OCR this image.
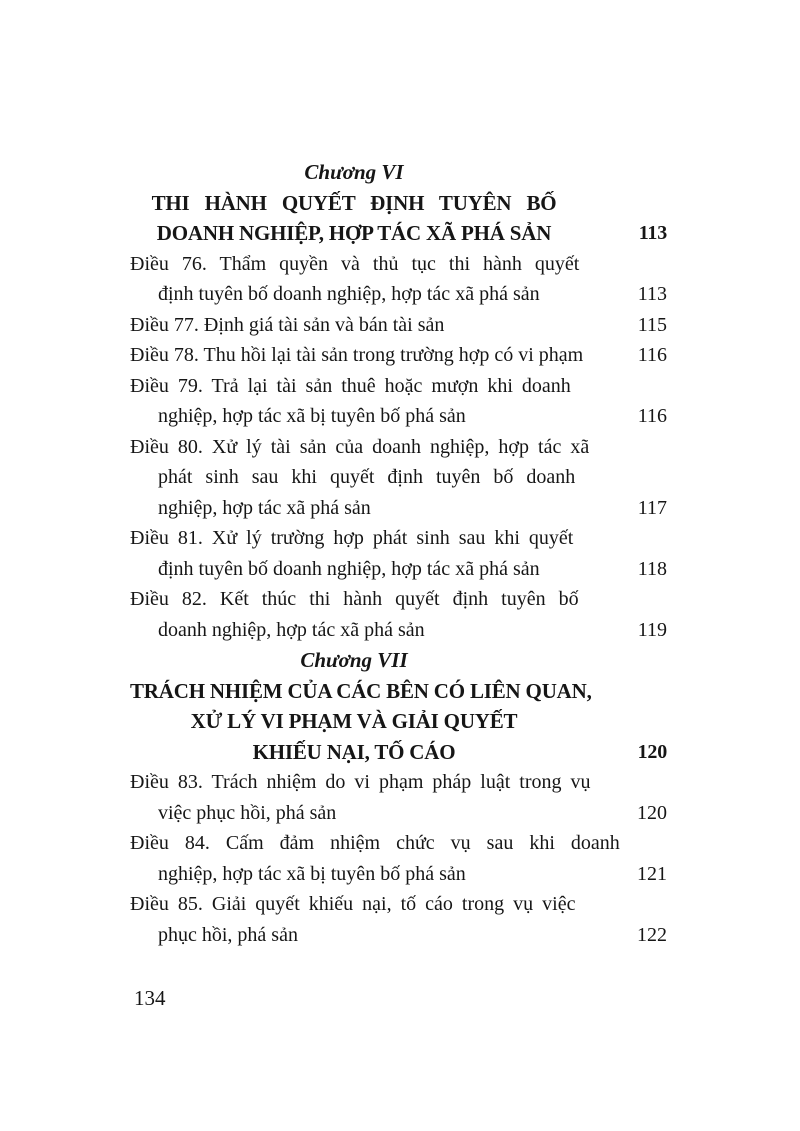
Chương VI
THI HÀNH QUYẾT ĐỊNH TUYÊN BỐ
DOANH NGHIỆP, HỢP TÁC XÃ PHÁ SẢN	113
Điều 76. Thẩm quyền và thủ tục thi hành quyết
định tuyên bố doanh nghiệp, hợp tác xã phá sản	113
Điều 77. Định giá tài sản và bán tài sản	115
Điều 78. Thu hồi lại tài sản trong trường hợp có vi phạm	116
Điều 79. Trả lại tài sản thuê hoặc mượn khi doanh
nghiệp, hợp tác xã bị tuyên bố phá sản	116
Điều 80. Xử lý tài sản của doanh nghiệp, hợp tác xã
phát sinh sau khi quyết định tuyên bố doanh
nghiệp, hợp tác xã phá sản	117
Điều 81. Xử lý trường hợp phát sinh sau khi quyết
định tuyên bố doanh nghiệp, hợp tác xã phá sản	118
Điều 82. Kết thúc thi hành quyết định tuyên bố
doanh nghiệp, hợp tác xã phá sản	119
Chương VII
TRÁCH NHIỆM CỦA CÁC BÊN CÓ LIÊN QUAN,
XỬ LÝ VI PHẠM VÀ GIẢI QUYẾT
KHIẾU NẠI, TỐ CÁO	120
Điều 83. Trách nhiệm do vi phạm pháp luật trong vụ
việc phục hồi, phá sản	120
Điều 84. Cấm đảm nhiệm chức vụ sau khi doanh
nghiệp, hợp tác xã bị tuyên bố phá sản	121
Điều 85. Giải quyết khiếu nại, tố cáo trong vụ việc
phục hồi, phá sản	122
134
